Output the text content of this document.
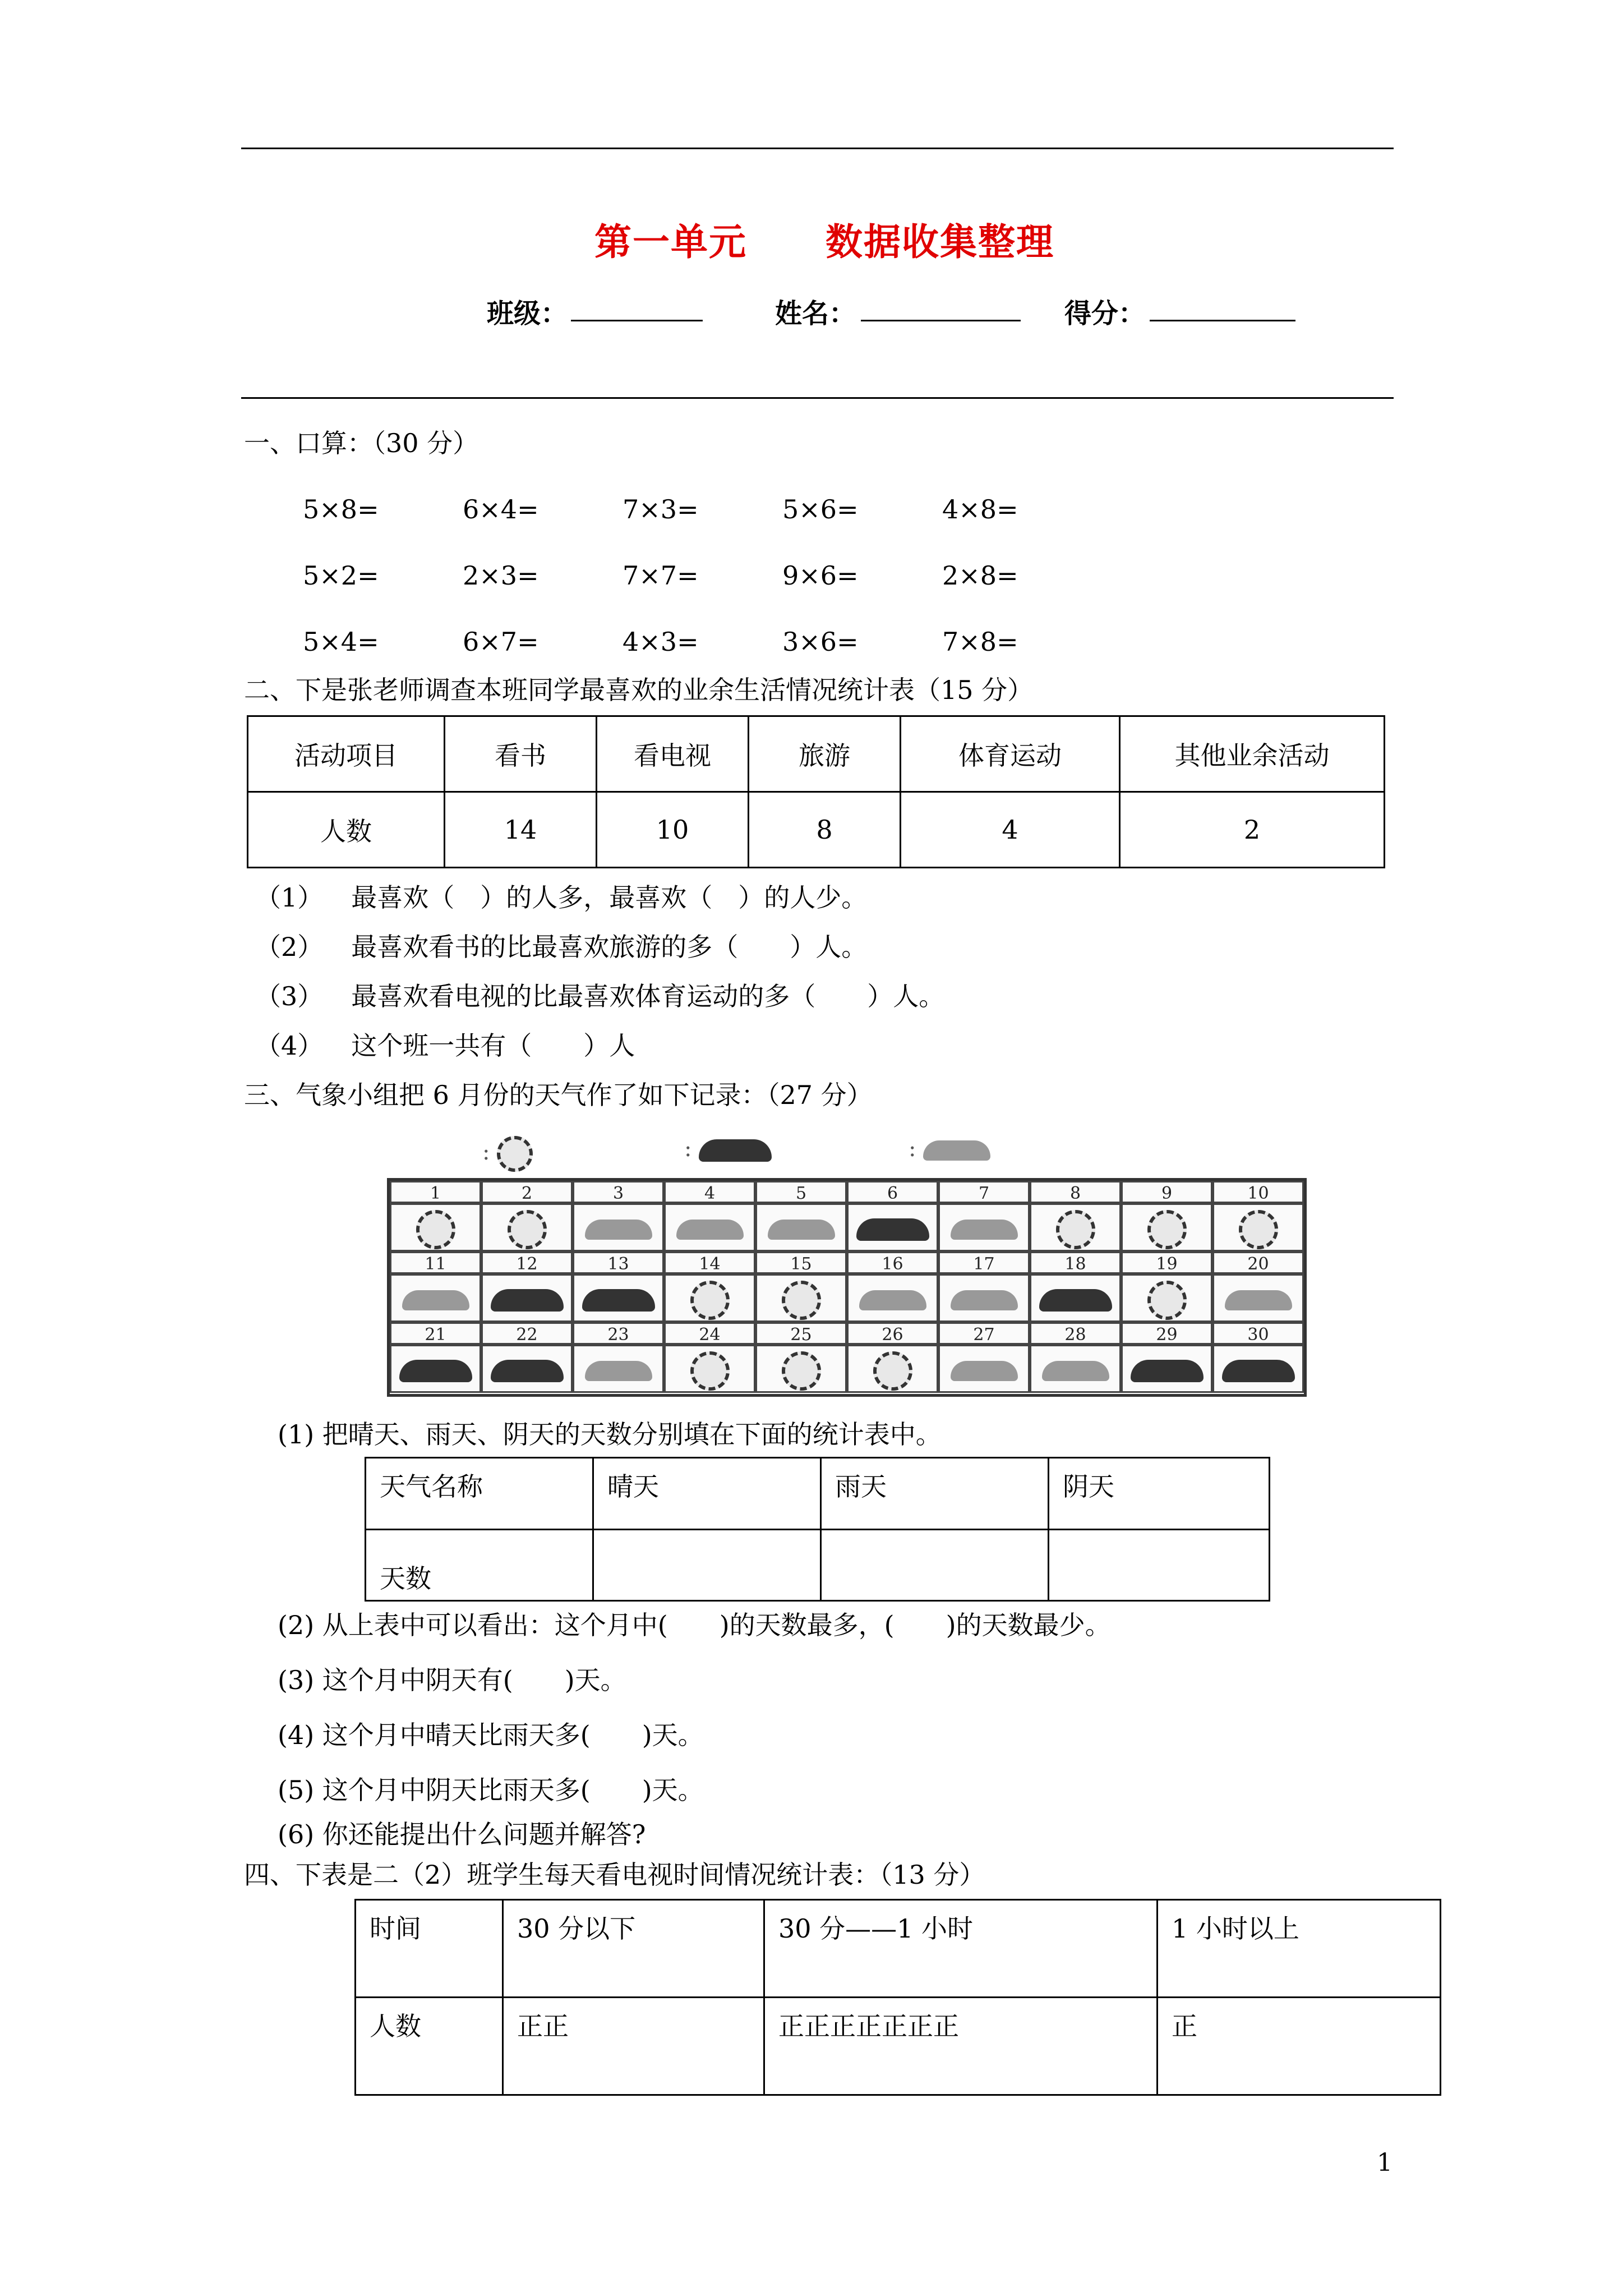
第一单元 数据收集整理
班级：	姓名：	得分：
一、口算：（30 分）
5×8=	6×4=	7×3=	5×6=	4×8=
5×2=	2×3=	7×7=	9×6=	2×8=
5×4=	6×7=	4×3=	3×6=	7×8=
二、下是张老师调查本班同学最喜欢的业余生活情况统计表（15 分）
活动项目	看书	看电视	旅游	体育运动	其他业余活动
人数	14	10	8	4	2
（1） 最喜欢（　）的人多，最喜欢（　）的人少。
（2） 最喜欢看书的比最喜欢旅游的多（　　）人。
（3） 最喜欢看电视的比最喜欢体育运动的多（　　）人。
（4） 这个班一共有（　　）人
三、气象小组把 6 月份的天气作了如下记录：（27 分）
:	:	:
1	2	3	4	5	6	7	8	9	10
11	12	13	14	15	16	17	18	19	20
21	22	23	24	25	26	27	28	29	30
(1) 把晴天、雨天、阴天的天数分别填在下面的统计表中。
天气名称	晴天	雨天	阴天
天数			
(2) 从上表中可以看出：这个月中(　　)的天数最多，(　　)的天数最少。
(3) 这个月中阴天有(　　)天。
(4) 这个月中晴天比雨天多(　　)天。
(5) 这个月中阴天比雨天多(　　)天。
(6) 你还能提出什么问题并解答?
四、下表是二（2）班学生每天看电视时间情况统计表：（13 分）
时间	30 分以下	30 分——1 小时	1 小时以上
人数	正正	正正正正正正正	正
1
